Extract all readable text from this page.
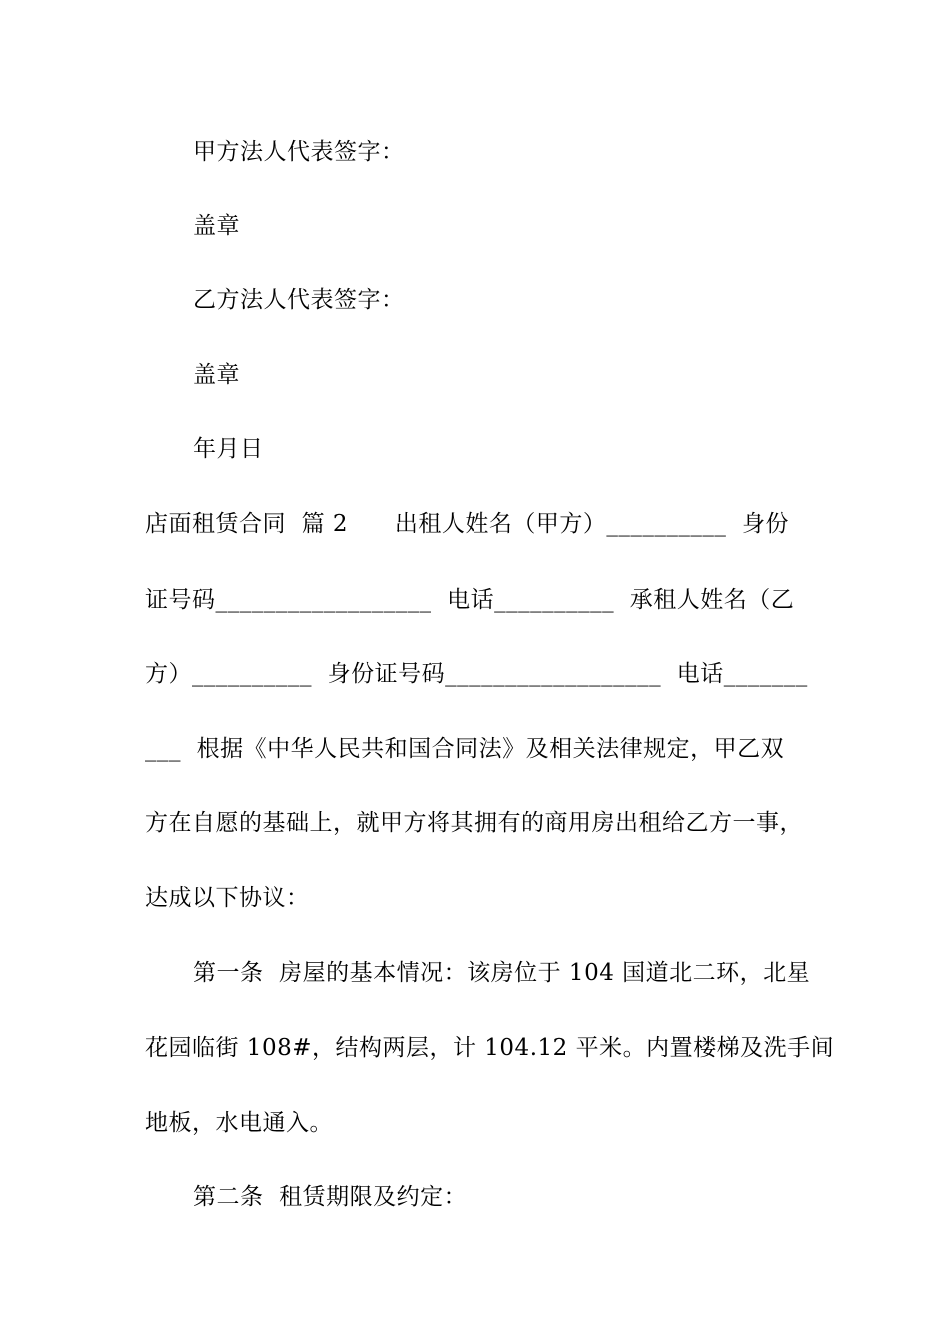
甲方法人代表签字：
盖章
乙方法人代表签字：
盖章
年月日
店面租赁合同  篇 2      出租人姓名（甲方）__________  身份
证号码__________________  电话__________  承租人姓名（乙
方）__________  身份证号码__________________  电话_______
___  根据《中华人民共和国合同法》及相关法律规定，甲乙双
方在自愿的基础上，就甲方将其拥有的商用房出租给乙方一事，
达成以下协议：
第一条  房屋的基本情况：该房位于 104 国道北二环，北星
花园临街 108#，结构两层，计 104.12 平米。内置楼梯及洗手间
地板，水电通入。
第二条  租赁期限及约定：
